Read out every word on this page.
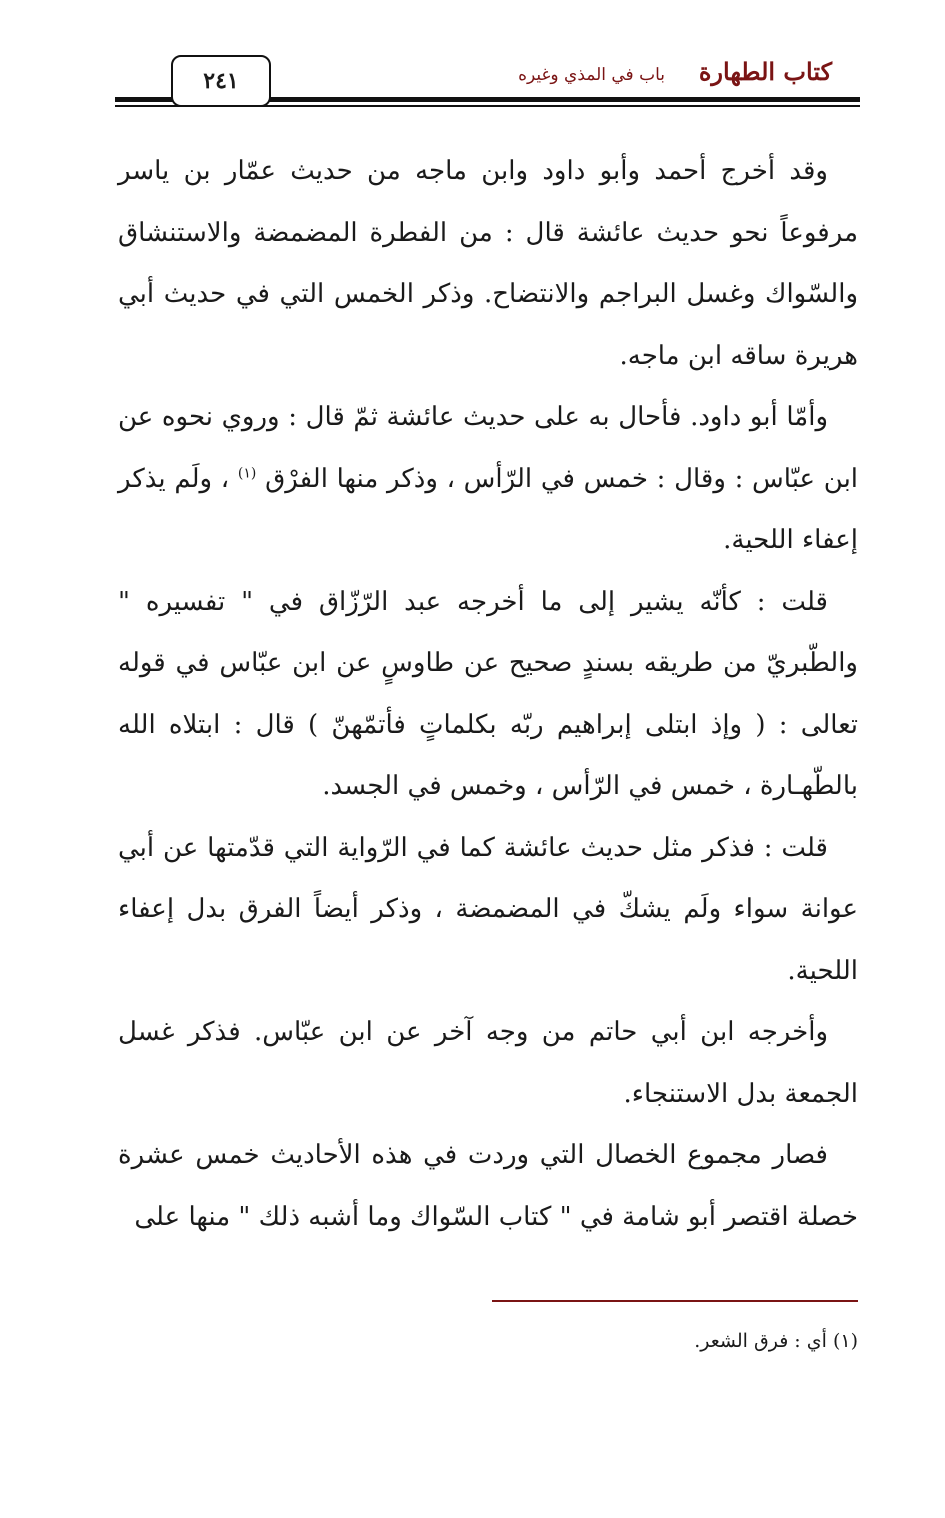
كتاب الطهارة
باب في المذي وغيره
٢٤١

وقد أخرج أحمد وأبو داود وابن ماجه من حديث عمّار بن ياسر مرفوعاً نحو حديث عائشة قال : من الفطرة المضمضة والاستنشاق والسّواك وغسل البراجم والانتضاح. وذكر الخمس التي في حديث أبي هريرة ساقه ابن ماجه.

وأمّا أبو داود. فأحال به على حديث عائشة ثمّ قال : وروي نحوه عن ابن عبّاس : وقال : خمس في الرّأس ، وذكر منها الفرْق $^{(١)}$ ، ولَم يذكر إعفاء اللحية.

قلت : كأنّه يشير إلى ما أخرجه عبد الرّزّاق في " تفسيره " والطّبريّ من طريقه بسندٍ صحيح عن طاوسٍ عن ابن عبّاس في قوله تعالى : ( وإذ ابتلى إبراهيم ربّه بكلماتٍ فأتمّهنّ ) قال : ابتلاه الله بالطّهـارة ، خمس في الرّأس ، وخمس في الجسد.

قلت : فذكر مثل حديث عائشة كما في الرّواية التي قدّمتها عن أبي عوانة سواء ولَم يشكّ في المضمضة ، وذكر أيضاً الفرق بدل إعفاء اللحية.

وأخرجه ابن أبي حاتم من وجه آخر عن ابن عبّاس. فذكر غسل الجمعة بدل الاستنجاء.

فصار مجموع الخصال التي وردت في هذه الأحاديث خمس عشرة خصلة اقتصر أبو شامة في " كتاب السّواك وما أشبه ذلك " منها على

(١) أي : فرق الشعر.
